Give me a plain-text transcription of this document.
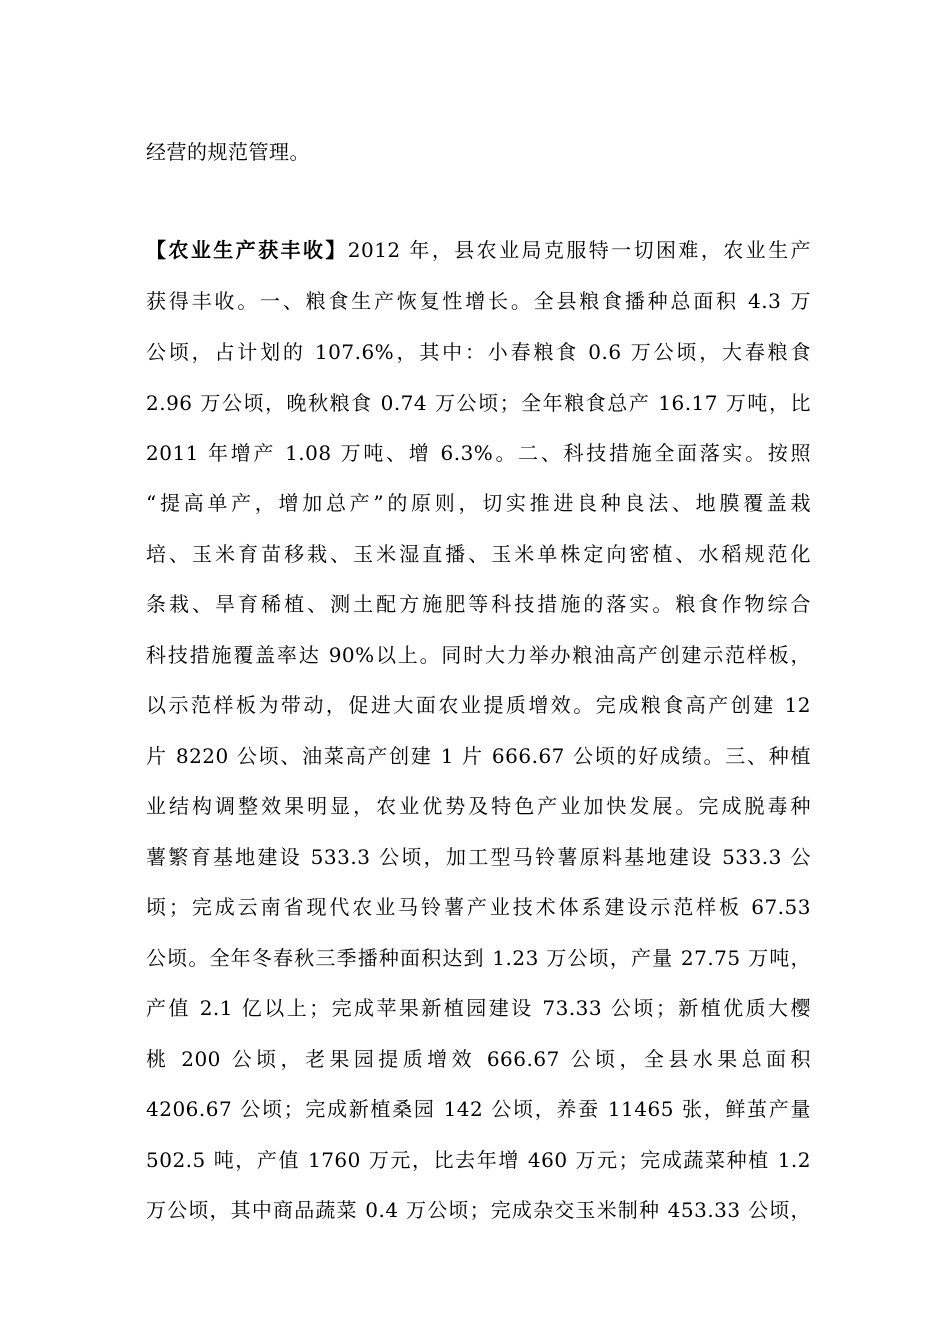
经营的规范管理。
【农业生产获丰收】2012 年，县农业局克服特一切困难，农业生产
获得丰收。一、粮食生产恢复性增长。全县粮食播种总面积 4.3 万
公顷，占计划的 107.6%，其中：小春粮食 0.6 万公顷，大春粮食
2.96 万公顷，晚秋粮食 0.74 万公顷；全年粮食总产 16.17 万吨，比
2011 年增产 1.08 万吨、增 6.3%。二、科技措施全面落实。按照
“提高单产，增加总产”的原则，切实推进良种良法、地膜覆盖栽
培、玉米育苗移栽、玉米湿直播、玉米单株定向密植、水稻规范化
条栽、旱育稀植、测土配方施肥等科技措施的落实。粮食作物综合
科技措施覆盖率达 90%以上。同时大力举办粮油高产创建示范样板，
以示范样板为带动，促进大面农业提质增效。完成粮食高产创建 12
片 8220 公顷、油菜高产创建 1 片 666.67 公顷的好成绩。三、种植
业结构调整效果明显，农业优势及特色产业加快发展。完成脱毒种
薯繁育基地建设 533.3 公顷，加工型马铃薯原料基地建设 533.3 公
顷；完成云南省现代农业马铃薯产业技术体系建设示范样板 67.53
公顷。全年冬春秋三季播种面积达到 1.23 万公顷，产量 27.75 万吨，
产值 2.1 亿以上；完成苹果新植园建设 73.33 公顷；新植优质大樱
桃 200 公顷，老果园提质增效 666.67 公顷，全县水果总面积
4206.67 公顷；完成新植桑园 142 公顷，养蚕 11465 张，鲜茧产量
502.5 吨，产值 1760 万元，比去年增 460 万元；完成蔬菜种植 1.2
万公顷，其中商品蔬菜 0.4 万公顷；完成杂交玉米制种 453.33 公顷，
